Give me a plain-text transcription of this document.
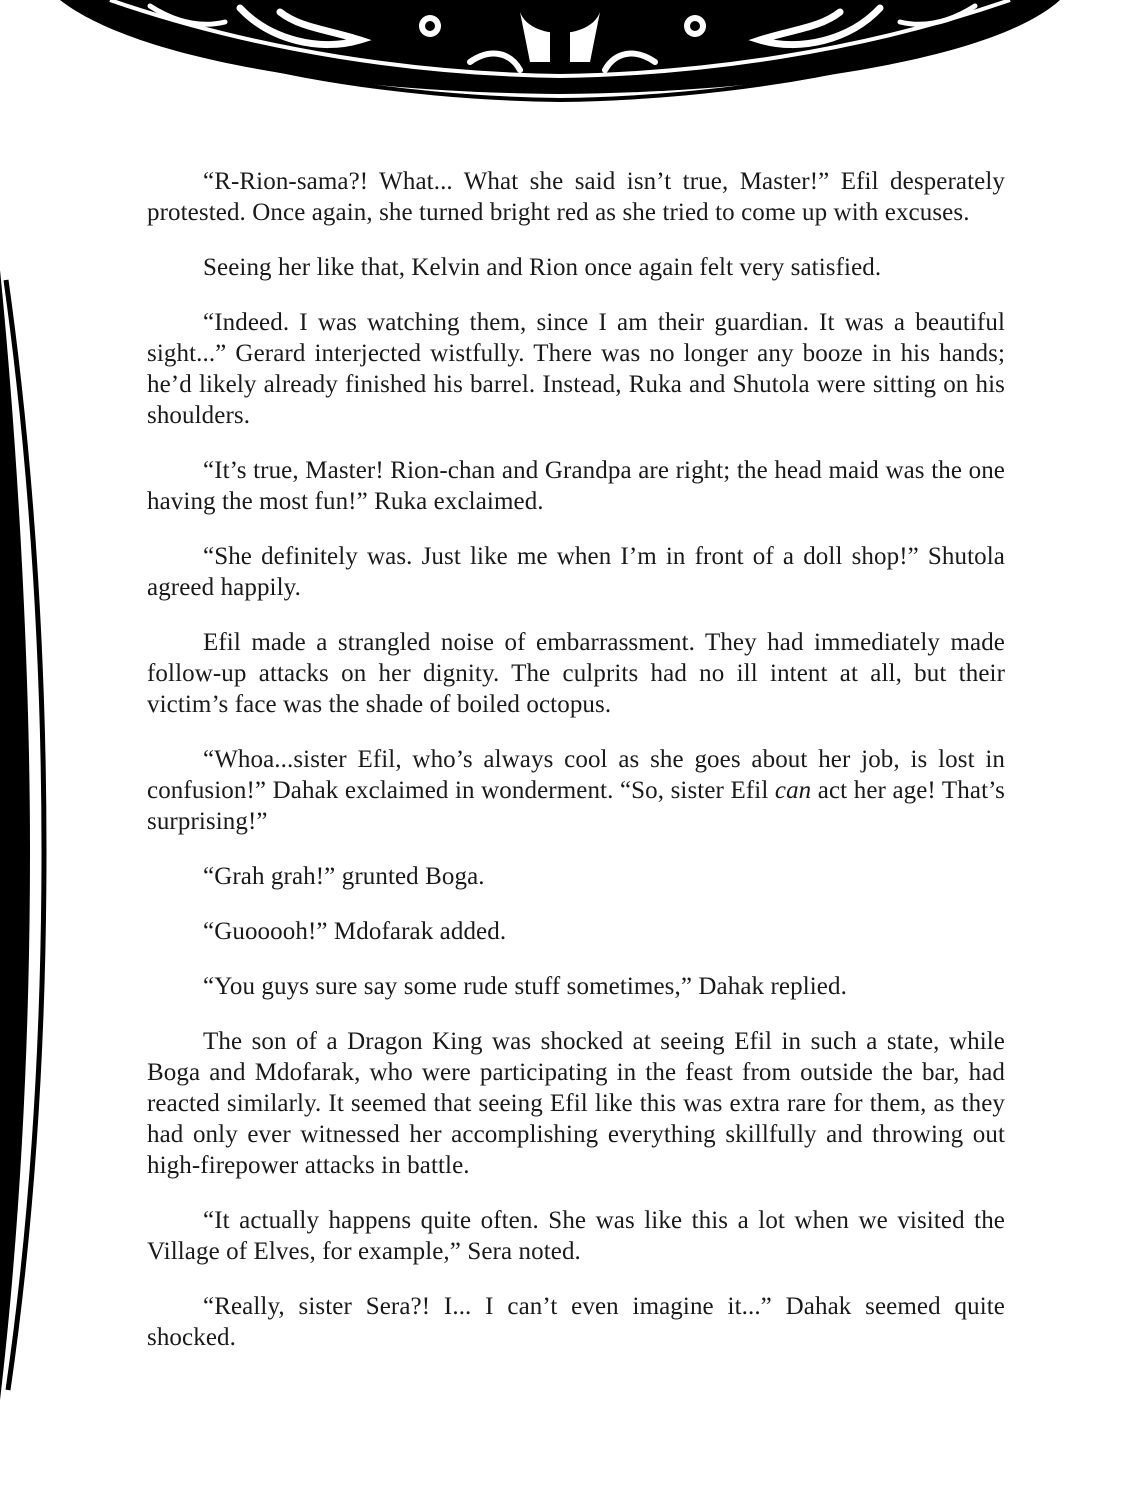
“R-Rion-sama?! What... What she said isn’t true, Master!” Efil desperately protested. Once again, she turned bright red as she tried to come up with excuses.

Seeing her like that, Kelvin and Rion once again felt very satisfied.

“Indeed. I was watching them, since I am their guardian. It was a beautiful sight...” Gerard interjected wistfully. There was no longer any booze in his hands; he’d likely already finished his barrel. Instead, Ruka and Shutola were sitting on his shoulders.

“It’s true, Master! Rion-chan and Grandpa are right; the head maid was the one having the most fun!” Ruka exclaimed.

“She definitely was. Just like me when I’m in front of a doll shop!” Shutola agreed happily.

Efil made a strangled noise of embarrassment. They had immediately made follow-up attacks on her dignity. The culprits had no ill intent at all, but their victim’s face was the shade of boiled octopus.

“Whoa...sister Efil, who’s always cool as she goes about her job, is lost in confusion!” Dahak exclaimed in wonderment. “So, sister Efil can act her age! That’s surprising!”

“Grah grah!” grunted Boga.

“Guooooh!” Mdofarak added.

“You guys sure say some rude stuff sometimes,” Dahak replied.

The son of a Dragon King was shocked at seeing Efil in such a state, while Boga and Mdofarak, who were participating in the feast from outside the bar, had reacted similarly. It seemed that seeing Efil like this was extra rare for them, as they had only ever witnessed her accomplishing everything skillfully and throwing out high-firepower attacks in battle.

“It actually happens quite often. She was like this a lot when we visited the Village of Elves, for example,” Sera noted.

“Really, sister Sera?! I... I can’t even imagine it...” Dahak seemed quite shocked.
